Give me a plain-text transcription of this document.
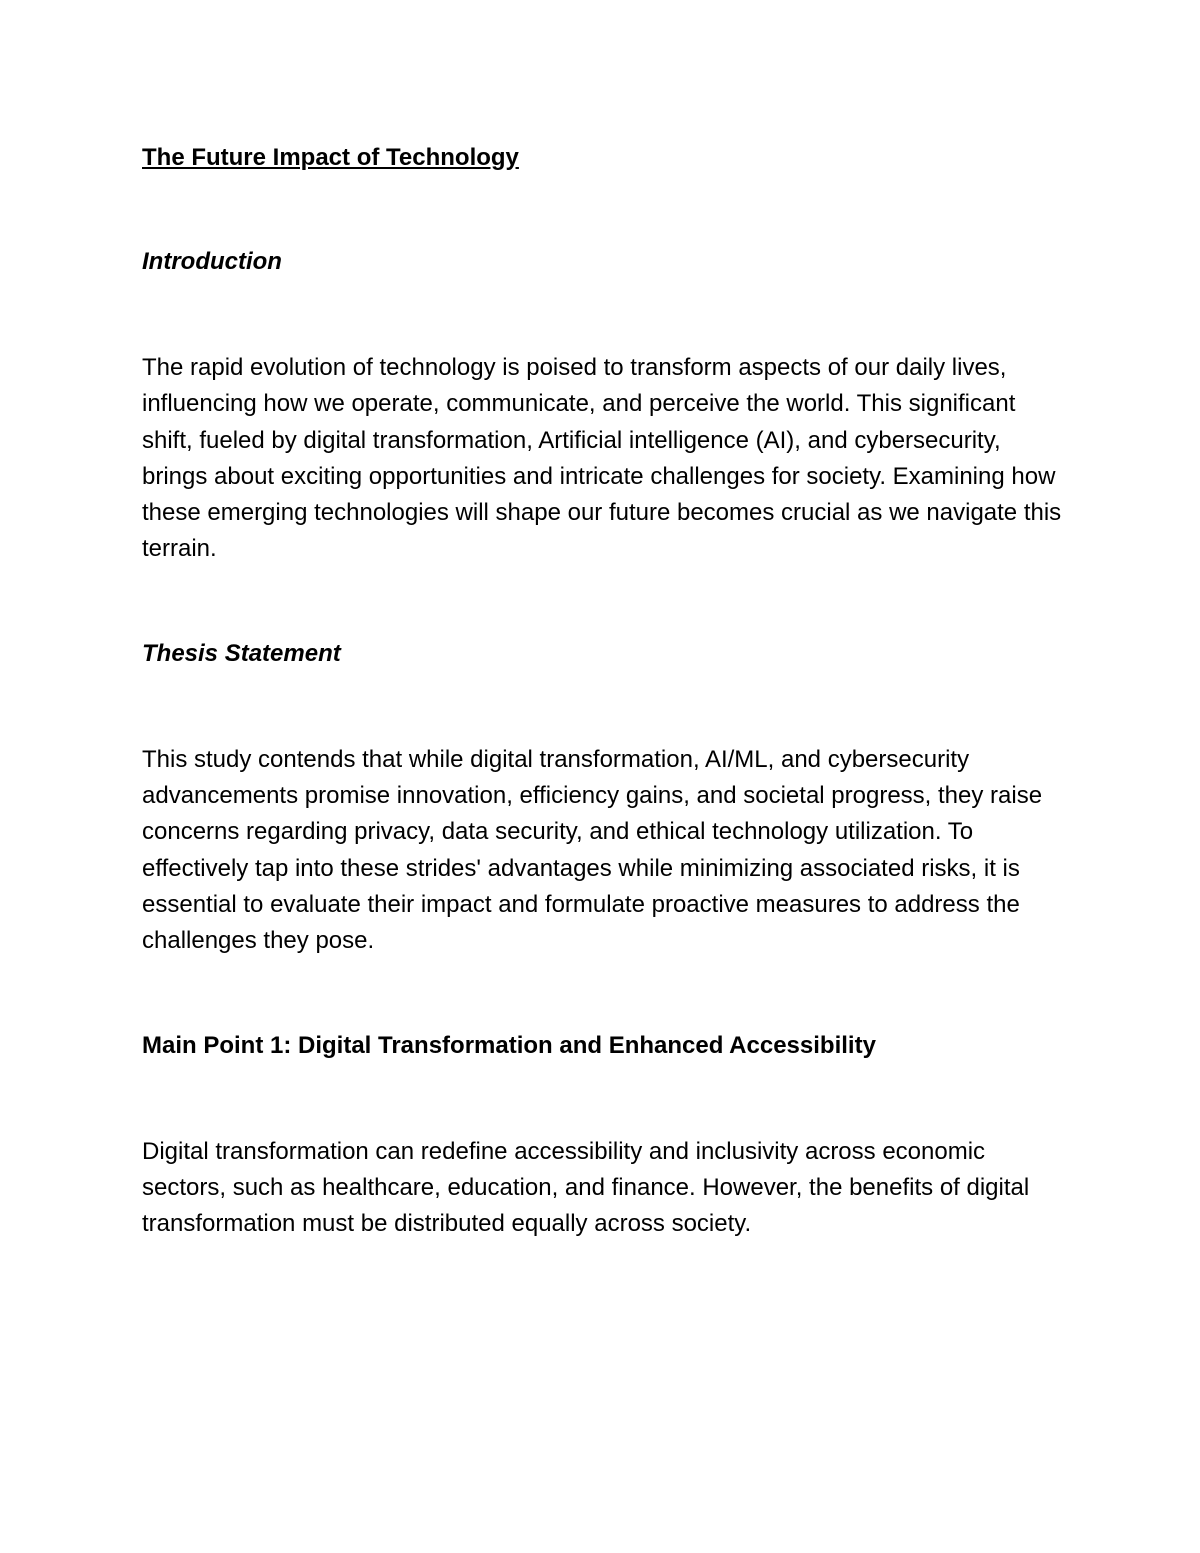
The Future Impact of Technology
Introduction

The rapid evolution of technology is poised to transform aspects of our daily lives, influencing how we operate, communicate, and perceive the world. This significant shift, fueled by digital transformation, Artificial intelligence (AI), and cybersecurity, brings about exciting opportunities and intricate challenges for society. Examining how these emerging technologies will shape our future becomes crucial as we navigate this terrain.

Thesis Statement

This study contends that while digital transformation, AI/ML, and cybersecurity advancements promise innovation, efficiency gains, and societal progress, they raise concerns regarding privacy, data security, and ethical technology utilization. To effectively tap into these strides' advantages while minimizing associated risks, it is essential to evaluate their impact and formulate proactive measures to address the challenges they pose.

Main Point 1: Digital Transformation and Enhanced Accessibility

Digital transformation can redefine accessibility and inclusivity across economic sectors, such as healthcare, education, and finance. However, the benefits of digital transformation must be distributed equally across society.
